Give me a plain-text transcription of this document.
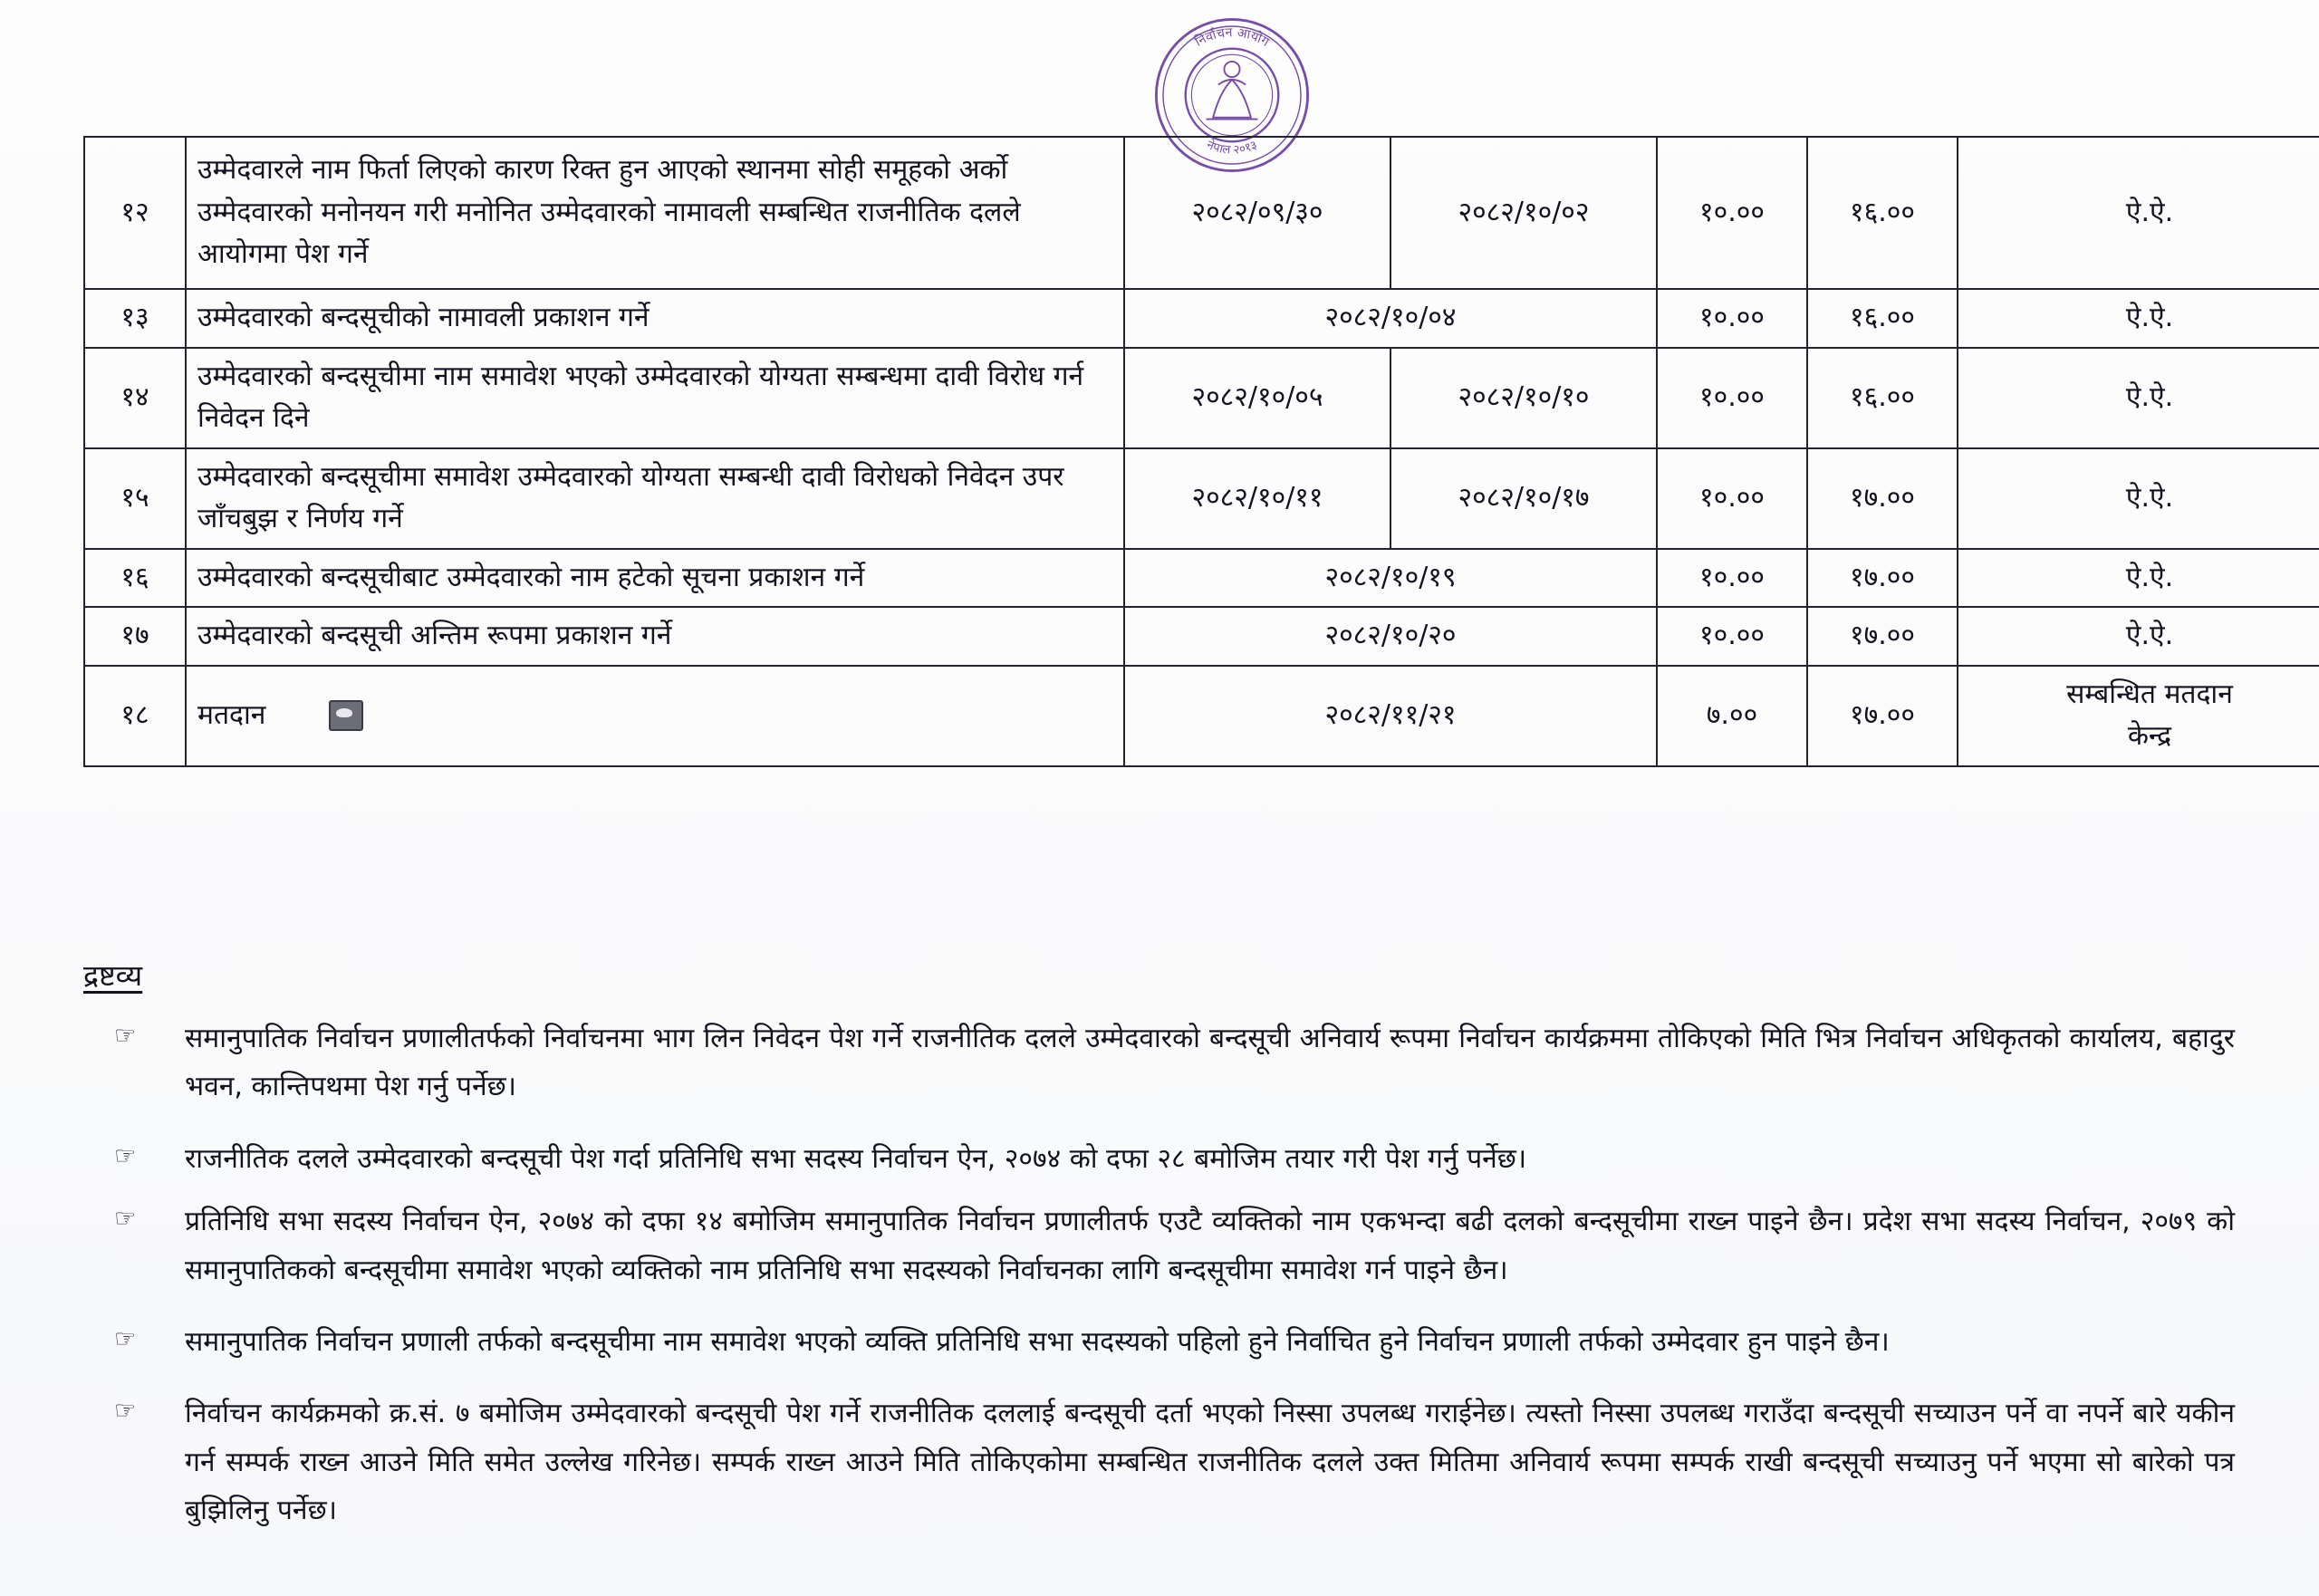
निर्वाचन आयोग
नेपाल २०१३
१२	उम्मेदवारले नाम फिर्ता लिएको कारण रिक्त हुन आएको स्थानमा सोही समूहको अर्को उम्मेदवारको मनोनयन गरी मनोनित उम्मेदवारको नामावली सम्बन्धित राजनीतिक दलले आयोगमा पेश गर्ने	२०८२/०९/३०	२०८२/१०/०२	१०.००	१६.००	ऐ.ऐ.
१३	उम्मेदवारको बन्दसूचीको नामावली प्रकाशन गर्ने	२०८२/१०/०४		१०.००	१६.००	ऐ.ऐ.
१४	उम्मेदवारको बन्दसूचीमा नाम समावेश भएको उम्मेदवारको योग्यता सम्बन्धमा दावी विरोध गर्न निवेदन दिने	२०८२/१०/०५	२०८२/१०/१०	१०.००	१६.००	ऐ.ऐ.
१५	उम्मेदवारको बन्दसूचीमा समावेश उम्मेदवारको योग्यता सम्बन्धी दावी विरोधको निवेदन उपर जाँचबुझ र निर्णय गर्ने	२०८२/१०/११	२०८२/१०/१७	१०.००	१७.००	ऐ.ऐ.
१६	उम्मेदवारको बन्दसूचीबाट उम्मेदवारको नाम हटेको सूचना प्रकाशन गर्ने	२०८२/१०/१९		१०.००	१७.००	ऐ.ऐ.
१७	उम्मेदवारको बन्दसूची अन्तिम रूपमा प्रकाशन गर्ने	२०८२/१०/२०		१०.००	१७.००	ऐ.ऐ.
१८	मतदान	२०८२/११/२१		७.००	१७.००	सम्बन्धित मतदान
केन्द्र
द्रष्टव्य
☞	समानुपातिक निर्वाचन प्रणालीतर्फको निर्वाचनमा भाग लिन निवेदन पेश गर्ने राजनीतिक दलले उम्मेदवारको बन्दसूची अनिवार्य रूपमा निर्वाचन कार्यक्रममा तोकिएको मिति भित्र निर्वाचन अधिकृतको कार्यालय, बहादुर भवन, कान्तिपथमा पेश गर्नु पर्नेछ।
☞	राजनीतिक दलले उम्मेदवारको बन्दसूची पेश गर्दा प्रतिनिधि सभा सदस्य निर्वाचन ऐन, २०७४ को दफा २८ बमोजिम तयार गरी पेश गर्नु पर्नेछ।
☞	प्रतिनिधि सभा सदस्य निर्वाचन ऐन, २०७४ को दफा १४ बमोजिम समानुपातिक निर्वाचन प्रणालीतर्फ एउटै व्यक्तिको नाम एकभन्दा बढी दलको बन्दसूचीमा राख्न पाइने छैन। प्रदेश सभा सदस्य निर्वाचन, २०७९ को समानुपातिकको बन्दसूचीमा समावेश भएको व्यक्तिको नाम प्रतिनिधि सभा सदस्यको निर्वाचनका लागि बन्दसूचीमा समावेश गर्न पाइने छैन।
☞	समानुपातिक निर्वाचन प्रणाली तर्फको बन्दसूचीमा नाम समावेश भएको व्यक्ति प्रतिनिधि सभा सदस्यको पहिलो हुने निर्वाचित हुने निर्वाचन प्रणाली तर्फको उम्मेदवार हुन पाइने छैन।
☞	निर्वाचन कार्यक्रमको क्र.सं. ७ बमोजिम उम्मेदवारको बन्दसूची पेश गर्ने राजनीतिक दललाई बन्दसूची दर्ता भएको निस्सा उपलब्ध गराईनेछ। त्यस्तो निस्सा उपलब्ध गराउँदा बन्दसूची सच्याउन पर्ने वा नपर्ने बारे यकीन गर्न सम्पर्क राख्न आउने मिति समेत उल्लेख गरिनेछ। सम्पर्क राख्न आउने मिति तोकिएकोमा सम्बन्धित राजनीतिक दलले उक्त मितिमा अनिवार्य रूपमा सम्पर्क राखी बन्दसूची सच्याउनु पर्ने भएमा सो बारेको पत्र बुझिलिनु पर्नेछ।
